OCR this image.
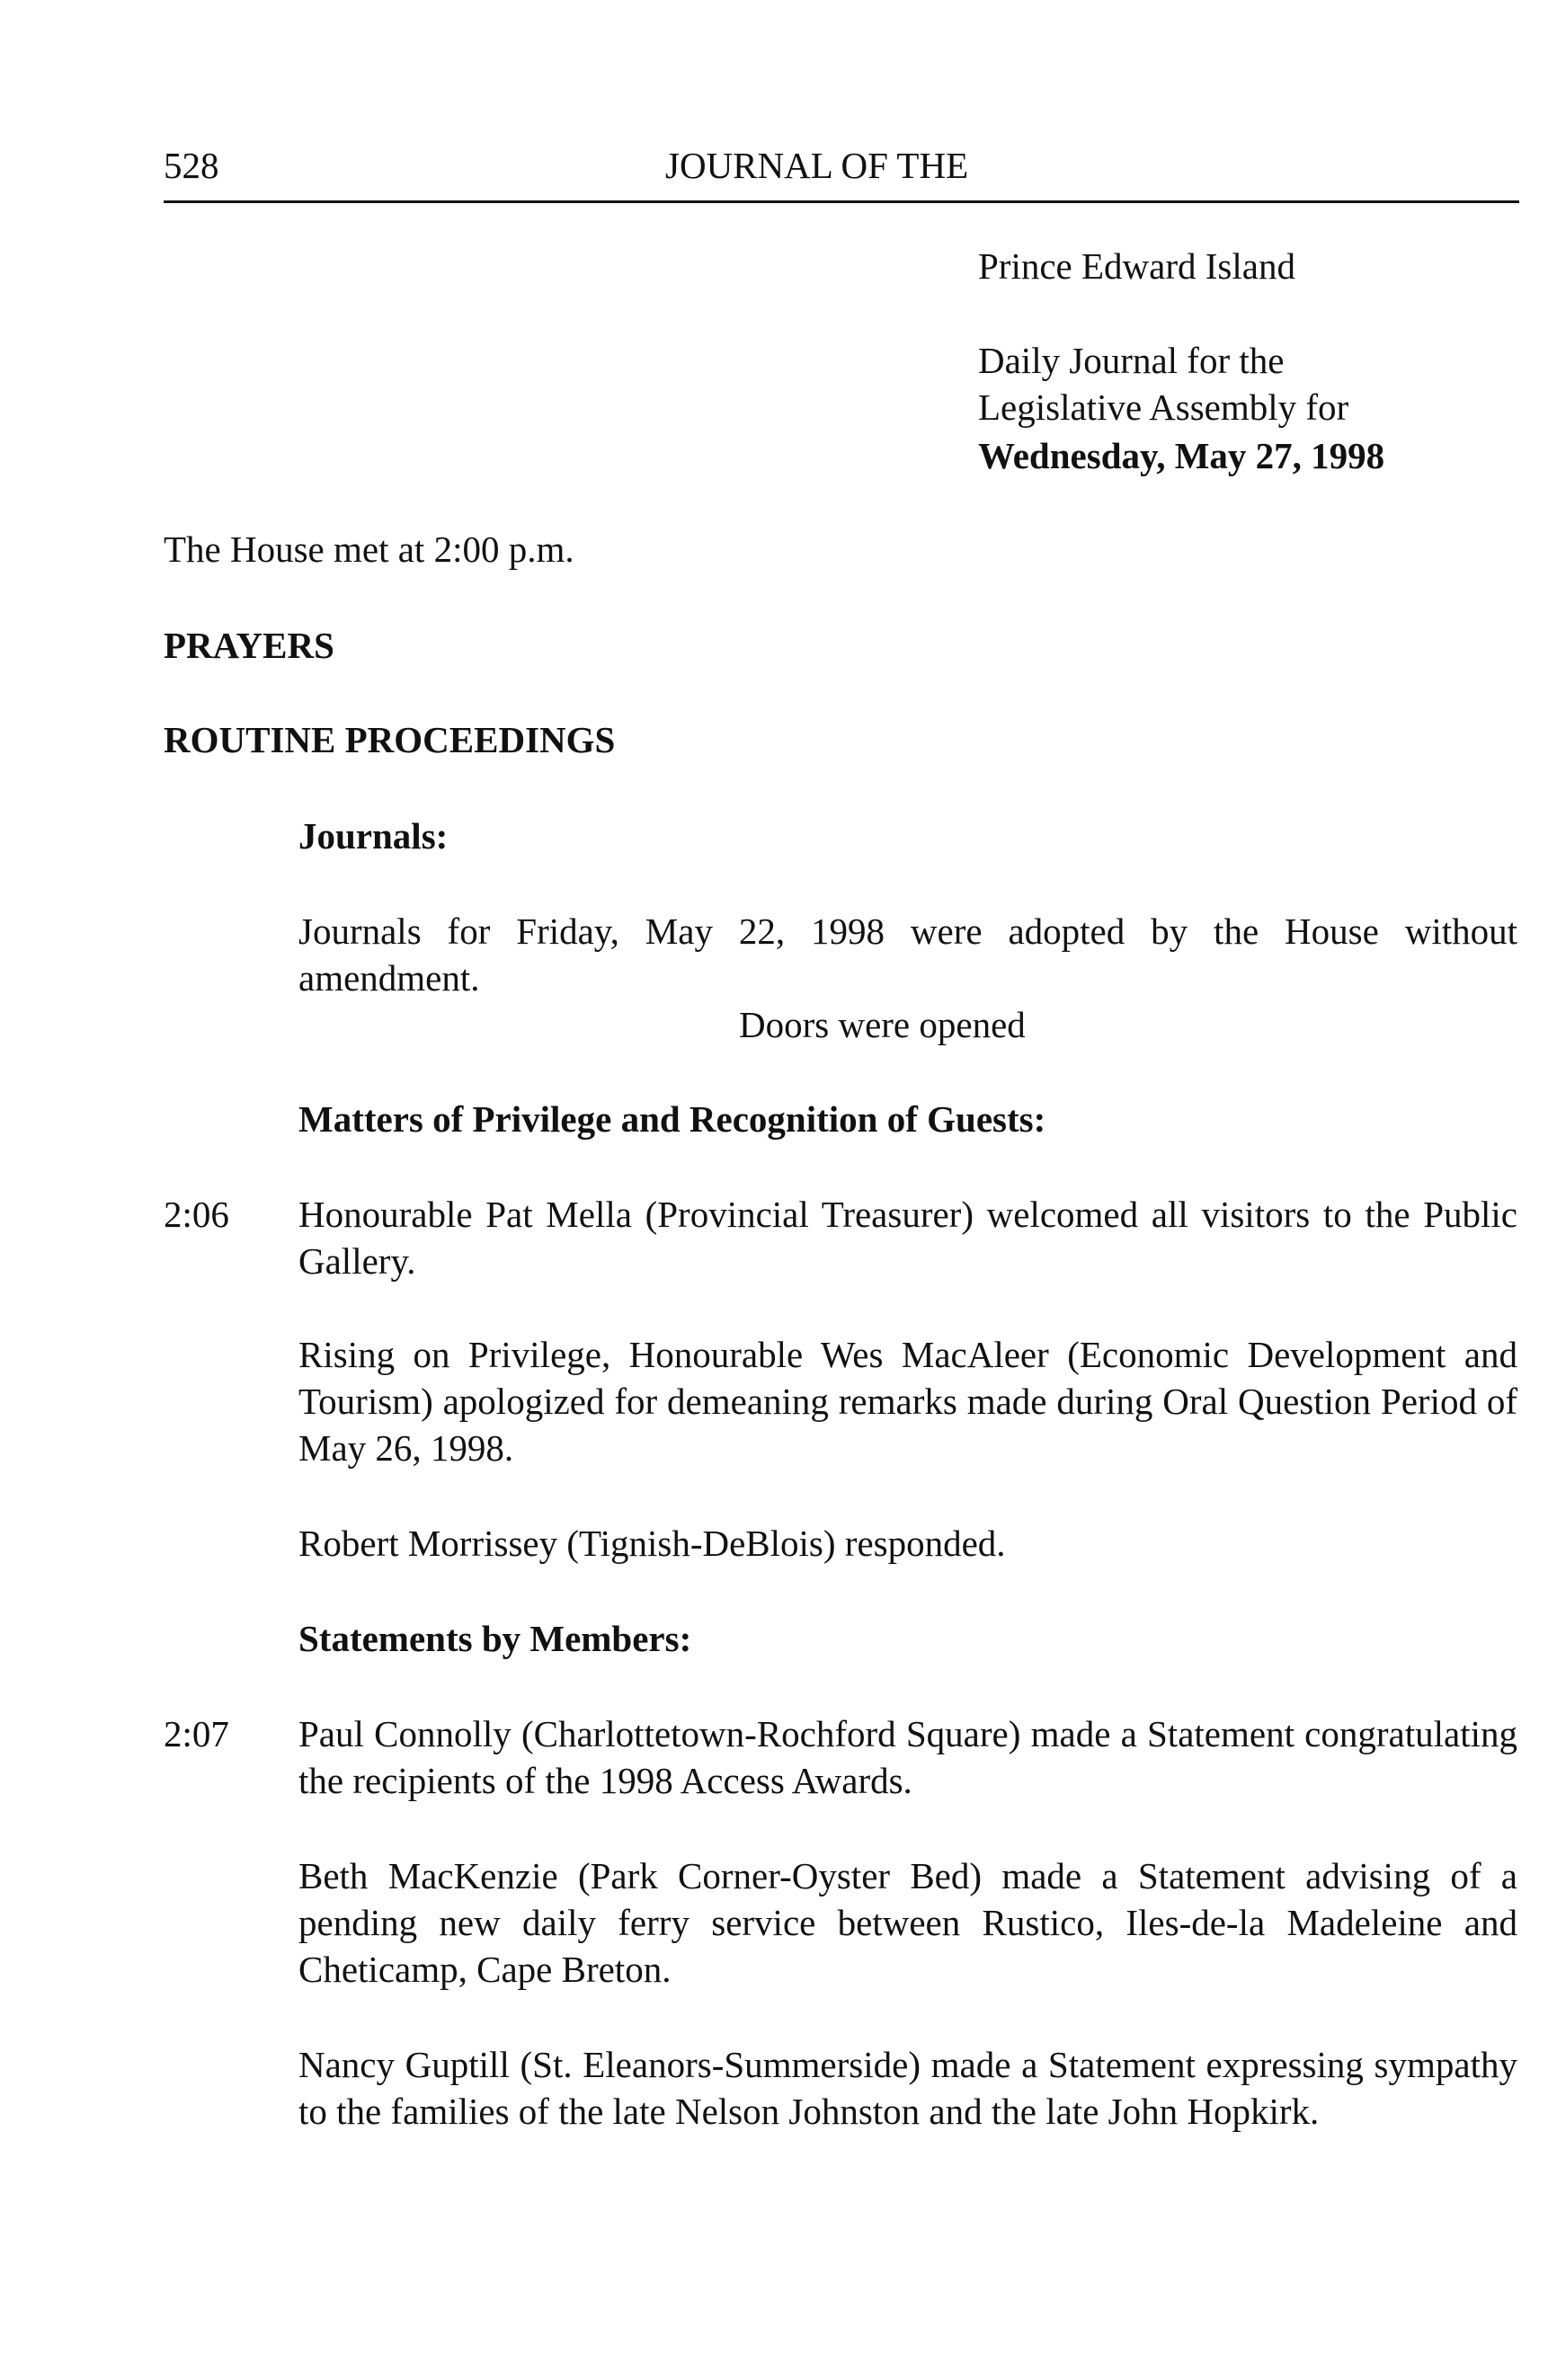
528	JOURNAL OF THE
Prince Edward Island
Daily Journal for the
Legislative Assembly for
Wednesday, May 27, 1998
The House met at 2:00 p.m.
PRAYERS
ROUTINE PROCEEDINGS
Journals:
Journals for Friday, May 22, 1998 were adopted by the House without amendment.
Doors were opened
Matters of Privilege and Recognition of Guests:
2:06 Honourable Pat Mella (Provincial Treasurer) welcomed all visitors to the Public Gallery.
Rising on Privilege, Honourable Wes MacAleer (Economic Development and Tourism) apologized for demeaning remarks made during Oral Question Period of May 26, 1998.
Robert Morrissey (Tignish-DeBlois) responded.
Statements by Members:
2:07 Paul Connolly (Charlottetown-Rochford Square) made a Statement congratulating the recipients of the 1998 Access Awards.
Beth MacKenzie (Park Corner-Oyster Bed) made a Statement advising of a pending new daily ferry service between Rustico, Iles-de-la Madeleine and Cheticamp, Cape Breton.
Nancy Guptill (St. Eleanors-Summerside) made a Statement expressing sympathy to the families of the late Nelson Johnston and the late John Hopkirk.
